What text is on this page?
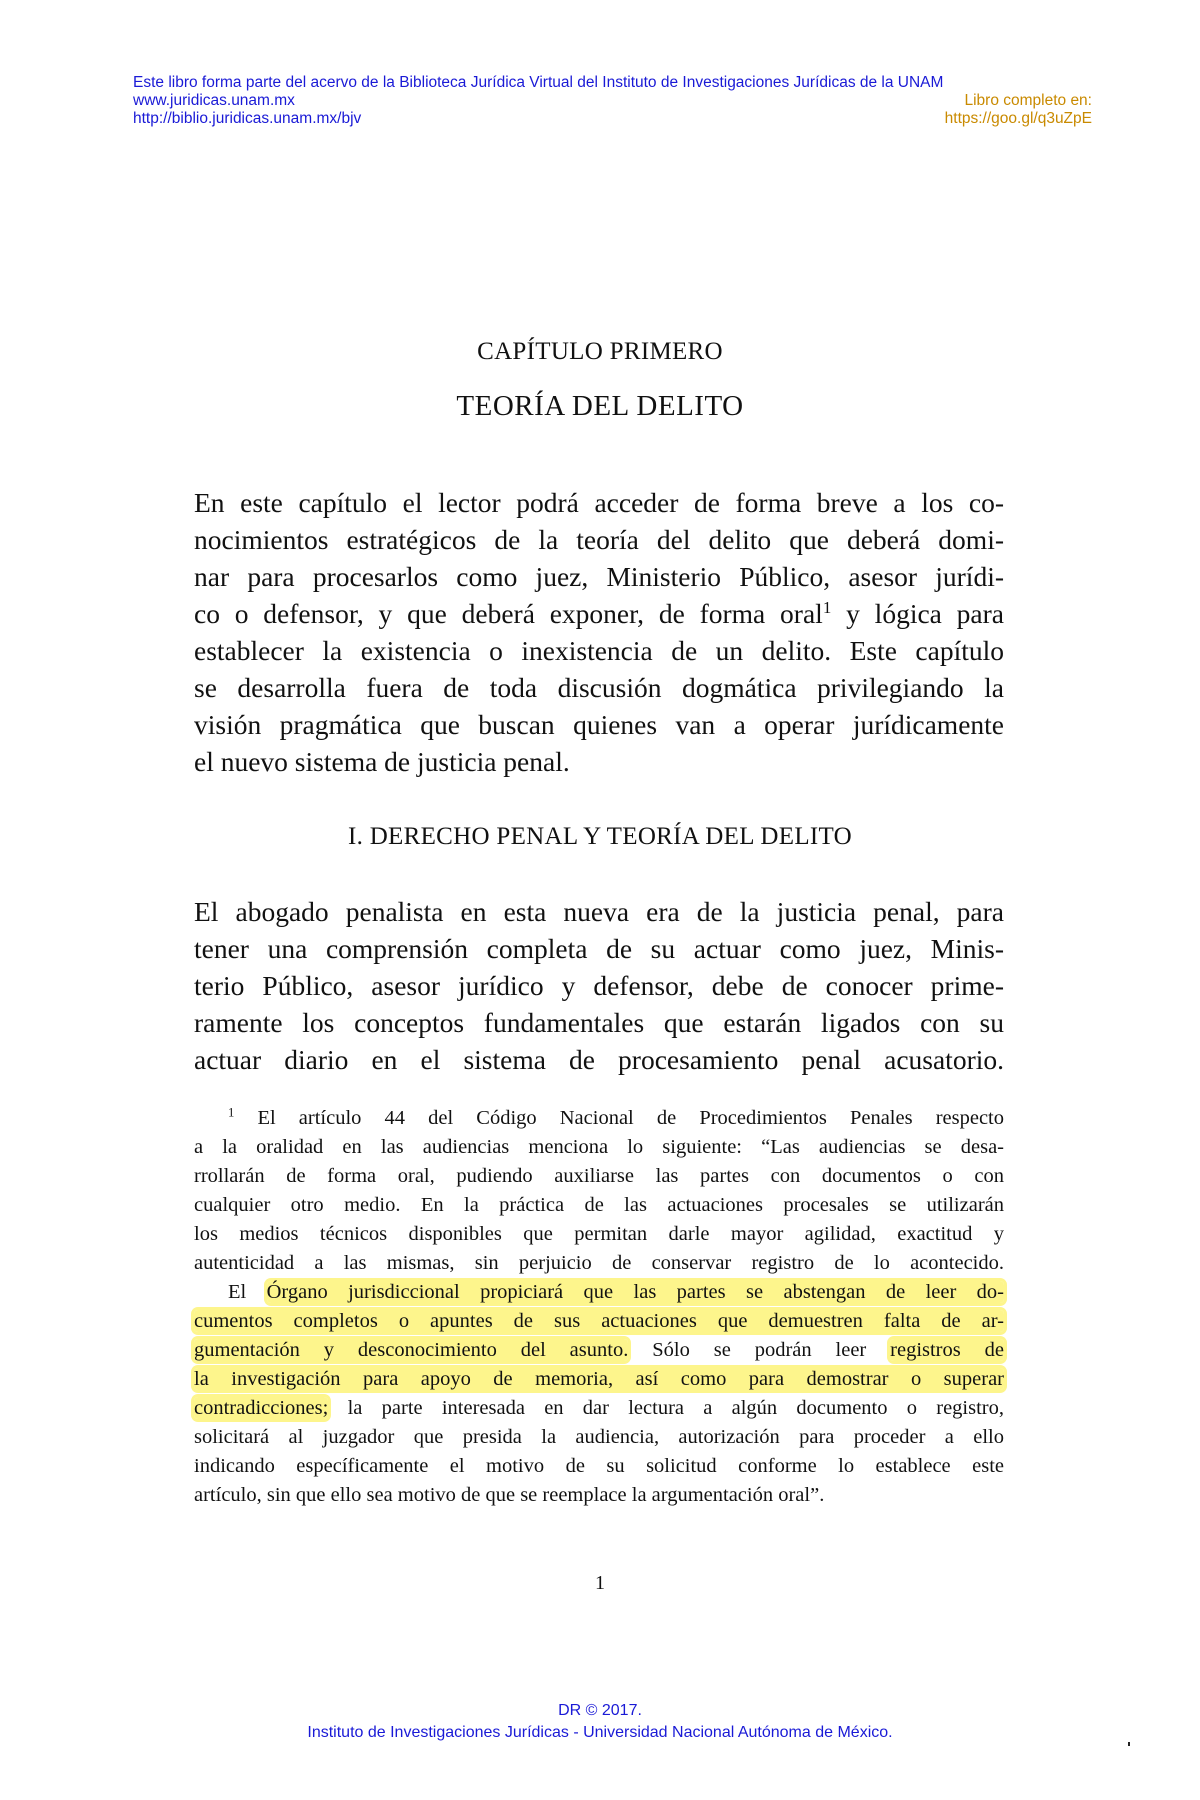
Este libro forma parte del acervo de la Biblioteca Jurídica Virtual del Instituto de Investigaciones Jurídicas de la UNAM
www.juridicas.unam.mx	Libro completo en:
http://biblio.juridicas.unam.mx/bjv	https://goo.gl/q3uZpE
CAPÍTULO PRIMERO
TEORÍA DEL DELITO
En este capítulo el lector podrá acceder de forma breve a los co-
nocimientos estratégicos de la teoría del delito que deberá domi-
nar para procesarlos como juez, Ministerio Público, asesor jurídi-
co o defensor, y que deberá exponer, de forma oral$^1$ y lógica para
establecer la existencia o inexistencia de un delito. Este capítulo
se desarrolla fuera de toda discusión dogmática privilegiando la
visión pragmática que buscan quienes van a operar jurídicamente
el nuevo sistema de justicia penal.
I. DERECHO PENAL Y TEORÍA DEL DELITO
El abogado penalista en esta nueva era de la justicia penal, para
tener una comprensión completa de su actuar como juez, Minis-
terio Público, asesor jurídico y defensor, debe de conocer prime-
ramente los conceptos fundamentales que estarán ligados con su
actuar diario en el sistema de procesamiento penal acusatorio.
$^1$ El artículo 44 del Código Nacional de Procedimientos Penales respecto
a la oralidad en las audiencias menciona lo siguiente: “Las audiencias se desa-
rrollarán de forma oral, pudiendo auxiliarse las partes con documentos o con
cualquier otro medio. En la práctica de las actuaciones procesales se utilizarán
los medios técnicos disponibles que permitan darle mayor agilidad, exactitud y
autenticidad a las mismas, sin perjuicio de conservar registro de lo acontecido.
El Órgano jurisdiccional propiciará que las partes se abstengan de leer do-
cumentos completos o apuntes de sus actuaciones que demuestren falta de ar-
gumentación y desconocimiento del asunto. Sólo se podrán leer registros de
la investigación para apoyo de memoria, así como para demostrar o superar
contradicciones; la parte interesada en dar lectura a algún documento o registro,
solicitará al juzgador que presida la audiencia, autorización para proceder a ello
indicando específicamente el motivo de su solicitud conforme lo establece este
artículo, sin que ello sea motivo de que se reemplace la argumentación oral”.
1
DR © 2017.
Instituto de Investigaciones Jurídicas - Universidad Nacional Autónoma de México.
